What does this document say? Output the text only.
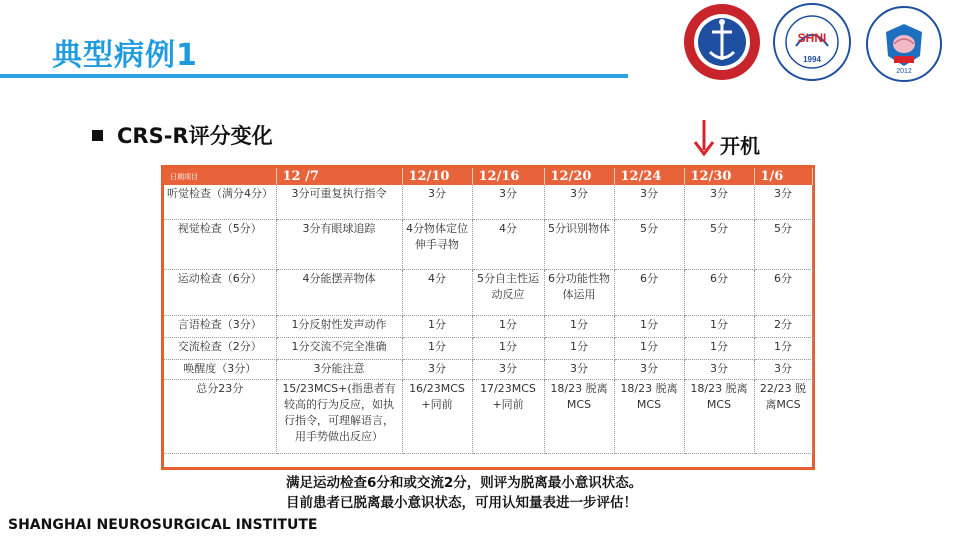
典型病例1	SHNI
1994
2012
CRS-R评分变化	开机
日期项目	12 /7	12/10	12/16	12/20	12/24	12/30	1/6
听觉检查（满分4分）	3分可重复执行指令	3分	3分	3分	3分	3分	3分
视觉检查（5分）	3分有眼球追踪	4分物体定位伸手寻物	4分	5分识别物体	5分	5分	5分
运动检查（6分）	4分能摆弄物体	4分	5分自主性运动反应	6分功能性物体运用	6分	6分	6分
言语检查（3分）	1分反射性发声动作	1分	1分	1分	1分	1分	2分
交流检查（2分）	1分交流不完全准确	1分	1分	1分	1分	1分	1分
唤醒度（3分）	3分能注意	3分	3分	3分	3分	3分	3分
总分23分	15/23MCS+(指患者有较高的行为反应，如执行指令，可理解语言，用手势做出反应）	16/23MCS+同前	17/23MCS+同前	18/23 脱离MCS	18/23 脱离MCS	18/23 脱离MCS	22/23 脱离MCS
满足运动检查6分和或交流2分，则评为脱离最小意识状态。
目前患者已脱离最小意识状态，可用认知量表进一步评估！
SHANGHAI NEUROSURGICAL INSTITUTE
